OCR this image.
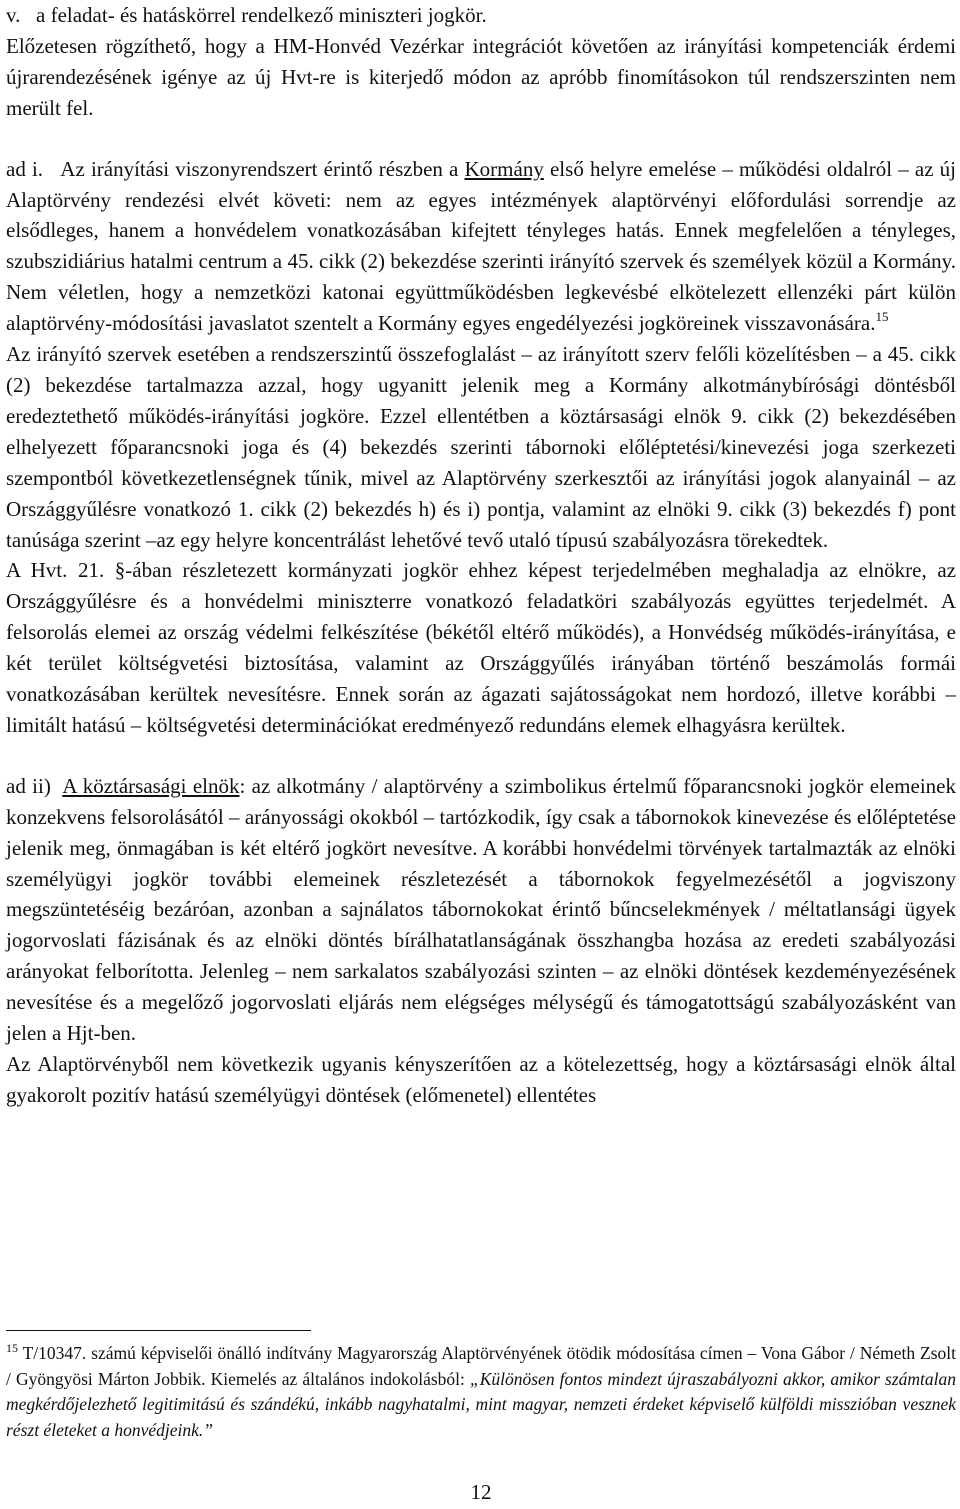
v. a feladat- és hatáskörrel rendelkező miniszteri jogkör.

Előzetesen rögzíthető, hogy a HM-Honvéd Vezérkar integrációt követően az irányítási kompetenciák érdemi újrarendezésének igénye az új Hvt-re is kiterjedő módon az apróbb finomításokon túl rendszerszinten nem merült fel.

ad i.   Az irányítási viszonyrendszert érintő részben a Kormány első helyre emelése – működési oldalról – az új Alaptörvény rendezési elvét követi: nem az egyes intézmények alaptörvényi előfordulási sorrendje az elsődleges, hanem a honvédelem vonatkozásában kifejtett tényleges hatás. Ennek megfelelően a tényleges, szubszidiárius hatalmi centrum a 45. cikk (2) bekezdése szerinti irányító szervek és személyek közül a Kormány. Nem véletlen, hogy a nemzetközi katonai együttműködésben legkevésbé elkötelezett ellenzéki párt külön alaptörvény-módosítási javaslatot szentelt a Kormány egyes engedélyezési jogköreinek visszavonására.$^{15}$

Az irányító szervek esetében a rendszerszintű összefoglalást – az irányított szerv felőli közelítésben – a 45. cikk (2) bekezdése tartalmazza azzal, hogy ugyanitt jelenik meg a Kormány alkotmánybírósági döntésből eredeztethető működés-irányítási jogköre. Ezzel ellentétben a köztársasági elnök 9. cikk (2) bekezdésében elhelyezett főparancsnoki joga és (4) bekezdés szerinti tábornoki előléptetési/kinevezési joga szerkezeti szempontból következetlenségnek tűnik, mivel az Alaptörvény szerkesztői az irányítási jogok alanyainál – az Országgyűlésre vonatkozó 1. cikk (2) bekezdés h) és i) pontja, valamint az elnöki 9. cikk (3) bekezdés f) pont tanúsága szerint –az egy helyre koncentrálást lehetővé tevő utaló típusú szabályozásra törekedtek.

A Hvt. 21. §-ában részletezett kormányzati jogkör ehhez képest terjedelmében meghaladja az elnökre, az Országgyűlésre és a honvédelmi miniszterre vonatkozó feladatköri szabályozás együttes terjedelmét. A felsorolás elemei az ország védelmi felkészítése (békétől eltérő működés), a Honvédség működés-irányítása, e két terület költségvetési biztosítása, valamint az Országgyűlés irányában történő beszámolás formái vonatkozásában kerültek nevesítésre. Ennek során az ágazati sajátosságokat nem hordozó, illetve korábbi – limitált hatású – költségvetési determinációkat eredményező redundáns elemek elhagyásra kerültek.

ad ii)  A köztársasági elnök: az alkotmány / alaptörvény a szimbolikus értelmű főparancsnoki jogkör elemeinek konzekvens felsorolásától – arányossági okokból – tartózkodik, így csak a tábornokok kinevezése és előléptetése jelenik meg, önmagában is két eltérő jogkört nevesítve. A korábbi honvédelmi törvények tartalmazták az elnöki személyügyi jogkör további elemeinek részletezését a tábornokok fegyelmezésétől a jogviszony megszüntetéséig bezáróan, azonban a sajnálatos tábornokokat érintő bűncselekmények / méltatlansági ügyek jogorvoslati fázisának és az elnöki döntés bírálhatatlanságának összhangba hozása az eredeti szabályozási arányokat felborította. Jelenleg – nem sarkalatos szabályozási szinten – az elnöki döntések kezdeményezésének nevesítése és a megelőző jogorvoslati eljárás nem elégséges mélységű és támogatottságú szabályozásként van jelen a Hjt-ben.

Az Alaptörvényből nem következik ugyanis kényszerítően az a kötelezettség, hogy a köztársasági elnök által gyakorolt pozitív hatású személyügyi döntések (előmenetel) ellentétes

$^{15}$ T/10347. számú képviselői önálló indítvány Magyarország Alaptörvényének ötödik módosítása címen – Vona Gábor / Németh Zsolt / Gyöngyösi Márton Jobbik. Kiemelés az általános indokolásból: „Különösen fontos mindezt újraszabályozni akkor, amikor számtalan megkérdőjelezhető legitimitású és szándékú, inkább nagyhatalmi, mint magyar, nemzeti érdeket képviselő külföldi misszióban vesznek részt életeket a honvédjeink.”

12
